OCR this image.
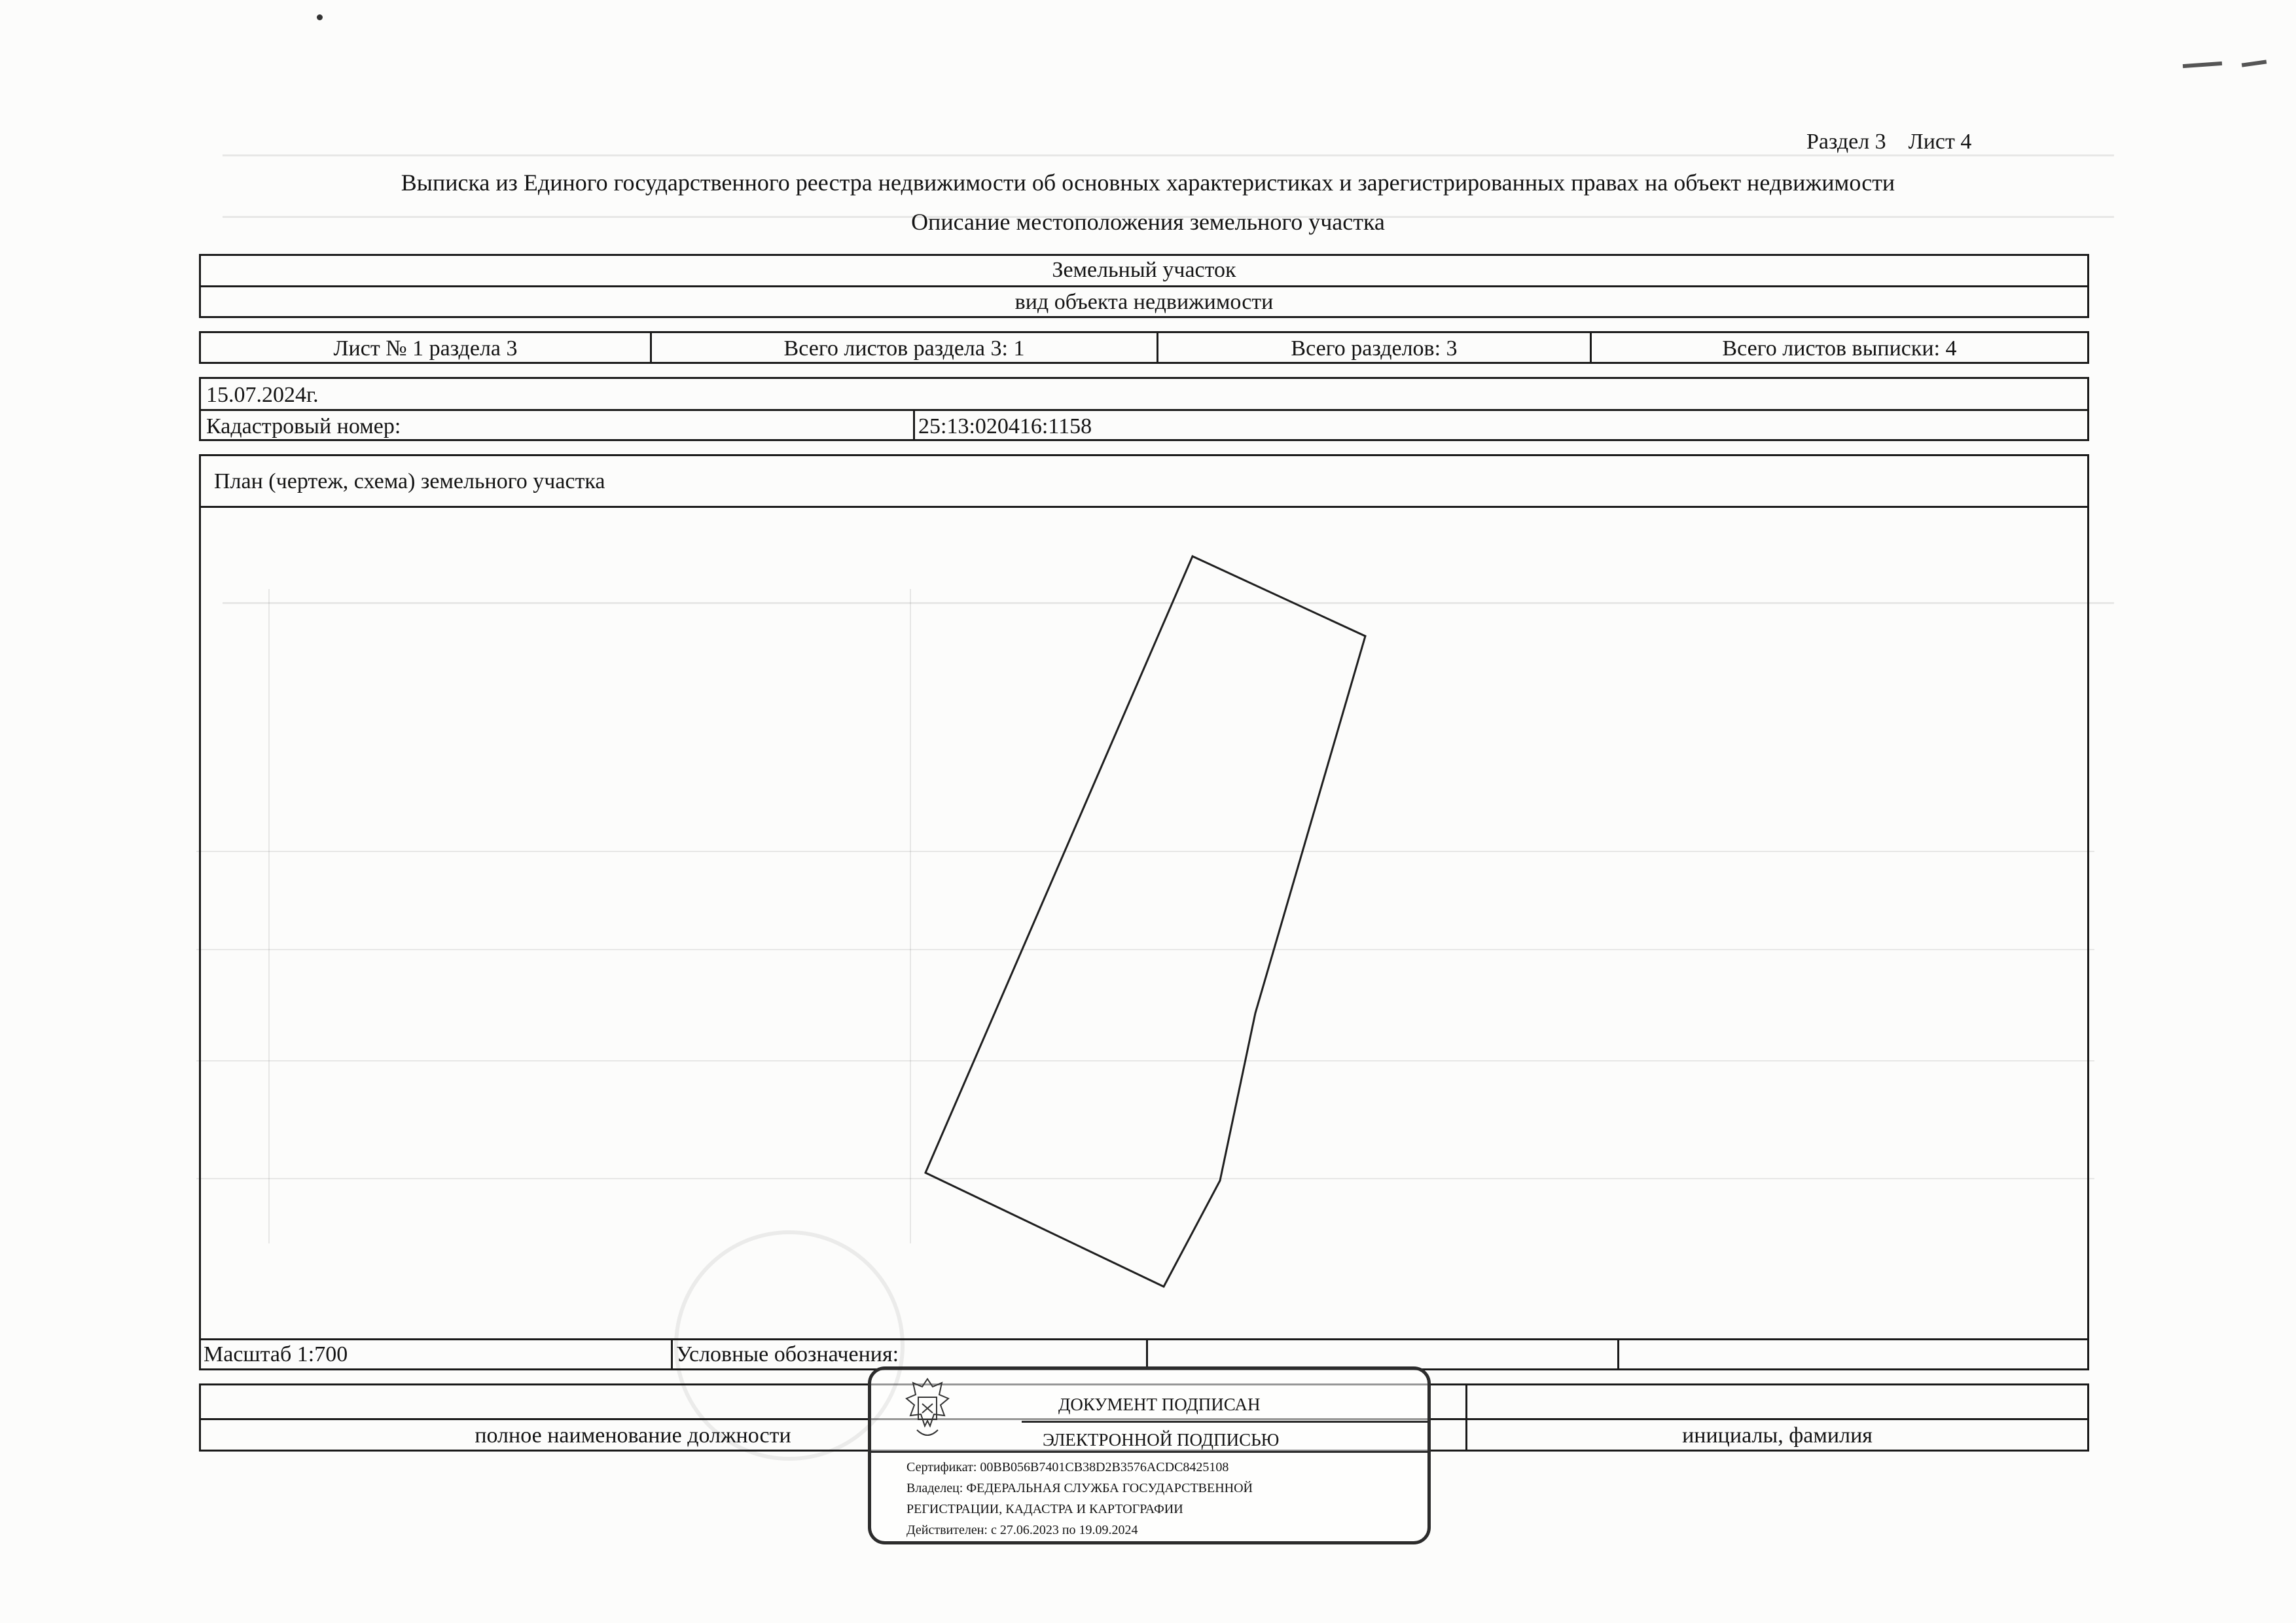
Раздел 3    Лист 4
Выписка из Единого государственного реестра недвижимости об основных характеристиках и зарегистрированных правах на объект недвижимости
Описание местоположения земельного участка
Земельный участок
вид объекта недвижимости
Лист № 1 раздела 3	Всего листов раздела 3: 1	Всего разделов: 3	Всего листов выписки: 4
15.07.2024г.
Кадастровый номер:	25:13:020416:1158
План (чертеж, схема) земельного участка
Масштаб 1:700	Условные обозначения:
полное наименование должности	инициалы, фамилия
ДОКУМЕНТ ПОДПИСАН
ЭЛЕКТРОННОЙ ПОДПИСЬЮ
Сертификат: 00BB056B7401CB38D2B3576ACDC8425108
Владелец: ФЕДЕРАЛЬНАЯ СЛУЖБА ГОСУДАРСТВЕННОЙ
РЕГИСТРАЦИИ, КАДАСТРА И КАРТОГРАФИИ
Действителен: с 27.06.2023 по 19.09.2024
